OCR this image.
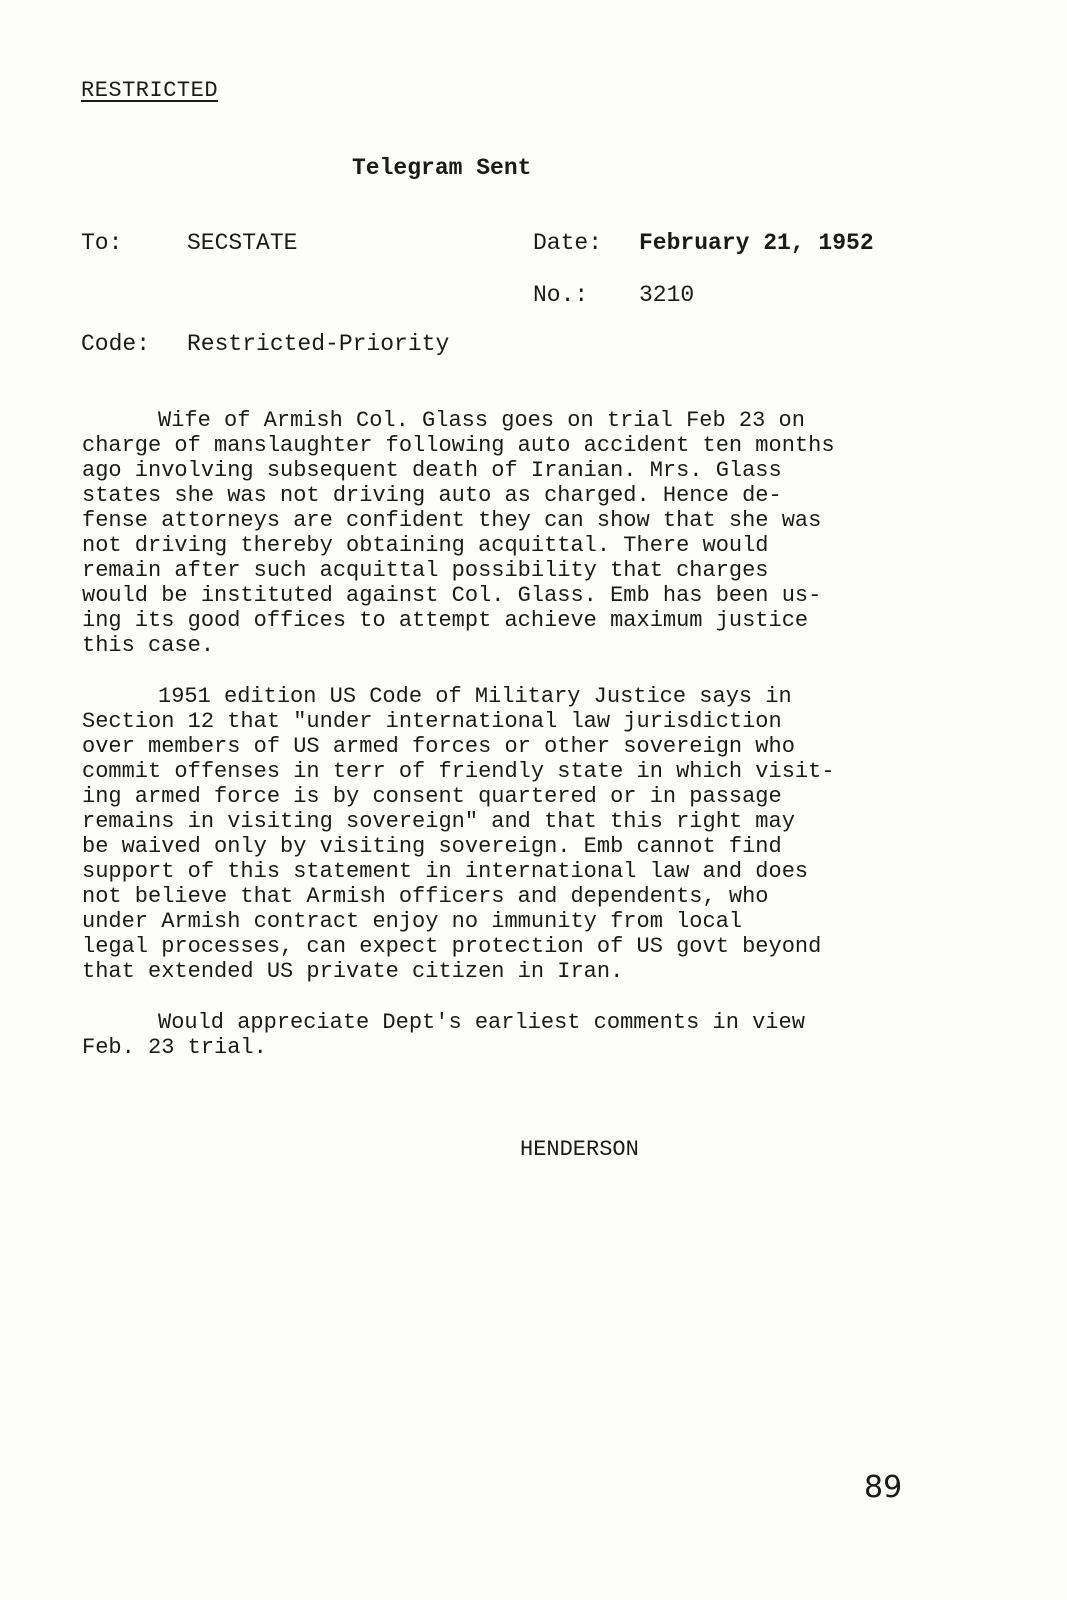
RESTRICTED
Telegram Sent
To:	SECSTATE	Date: February 21, 1952
No.: 3210
Code: Restricted-Priority

Wife of Armish Col. Glass goes on trial Feb 23 on
charge of manslaughter following auto accident ten months
ago involving subsequent death of Iranian. Mrs. Glass
states she was not driving auto as charged. Hence de-
fense attorneys are confident they can show that she was
not driving thereby obtaining acquittal. There would
remain after such acquittal possibility that charges
would be instituted against Col. Glass. Emb has been us-
ing its good offices to attempt achieve maximum justice
this case.

1951 edition US Code of Military Justice says in
Section 12 that "under international law jurisdiction
over members of US armed forces or other sovereign who
commit offenses in terr of friendly state in which visit-
ing armed force is by consent quartered or in passage
remains in visiting sovereign" and that this right may
be waived only by visiting sovereign. Emb cannot find
support of this statement in international law and does
not believe that Armish officers and dependents, who
under Armish contract enjoy no immunity from local
legal processes, can expect protection of US govt beyond
that extended US private citizen in Iran.

Would appreciate Dept's earliest comments in view
Feb. 23 trial.

HENDERSON
89
